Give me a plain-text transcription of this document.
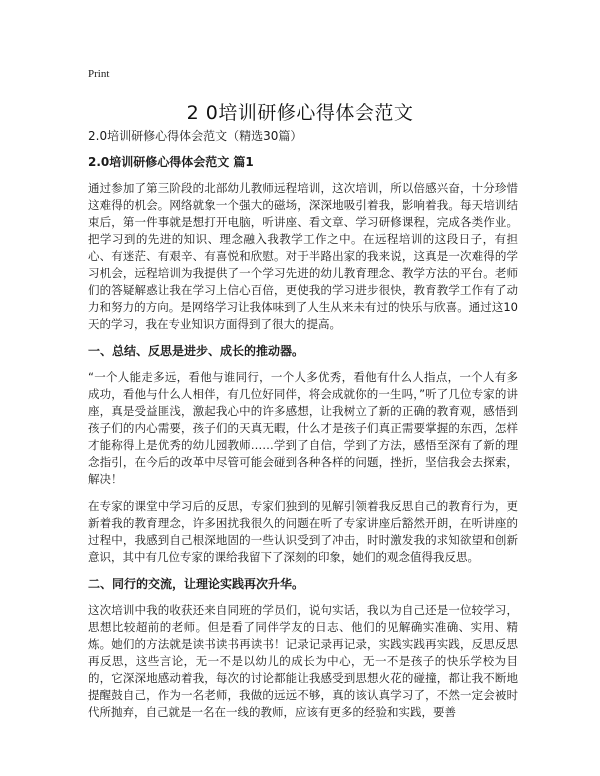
Print
2 0培训研修心得体会范文

2.0培训研修心得体会范文（精选30篇）

2.0培训研修心得体会范文 篇1

通过参加了第三阶段的北部幼儿教师远程培训，这次培训，所以倍感兴奋，十分珍惜这难得的机会。网络就象一个强大的磁场，深深地吸引着我，影响着我。每天培训结束后，第一件事就是想打开电脑，听讲座、看文章、学习研修课程，完成各类作业。把学习到的先进的知识、理念融入我教学工作之中。在远程培训的这段日子，有担心、有迷茫、有艰辛、有喜悦和欣慰。对于半路出家的我来说，这真是一次难得的学习机会，远程培训为我提供了一个学习先进的幼儿教育理念、教学方法的平台。老师们的答疑解惑让我在学习上信心百倍，更使我的学习进步很快，教育教学工作有了动力和努力的方向。是网络学习让我体味到了人生从来未有过的快乐与欣喜。通过这10天的学习，我在专业知识方面得到了很大的提高。

一、总结、反思是进步、成长的推动器。

“一个人能走多远，看他与谁同行，一个人多优秀，看他有什么人指点，一个人有多成功，看他与什么人相伴，有几位好同伴，将会成就你的一生吗，”听了几位专家的讲座，真是受益匪浅，激起我心中的许多感想，让我树立了新的正确的教育观，感悟到孩子们的内心需要，孩子们的天真无暇，什么才是孩子们真正需要掌握的东西，怎样才能称得上是优秀的幼儿园教师……学到了自信，学到了方法，感悟至深有了新的理念指引，在今后的改革中尽管可能会碰到各种各样的问题，挫折，坚信我会去探索，解决！

在专家的课堂中学习后的反思，专家们独到的见解引领着我反思自己的教育行为，更新着我的教育理念，许多困扰我很久的问题在听了专家讲座后豁然开朗，在听讲座的过程中，我感到自己根深地固的一些认识受到了冲击，时时激发我的求知欲望和创新意识，其中有几位专家的课给我留下了深刻的印象，她们的观念值得我反思。

二、同行的交流，让理论实践再次升华。

这次培训中我的收获还来自同班的学员们，说句实话，我以为自己还是一位较学习，思想比较超前的老师。但是看了同伴学友的日志、他们的见解确实准确、实用、精炼。她们的方法就是读书读书再读书！记录记录再记录，实践实践再实践，反思反思再反思，这些言论，无一不是以幼儿的成长为中心，无一不是孩子的快乐学校为目的，它深深地感动着我，每次的讨论都能让我感受到思想火花的碰撞，都让我不断地提醒鼓自己，作为一名老师，我做的远远不够，真的该认真学习了，不然一定会被时代所抛弃，自己就是一名在一线的教师，应该有更多的经验和实践，要善
